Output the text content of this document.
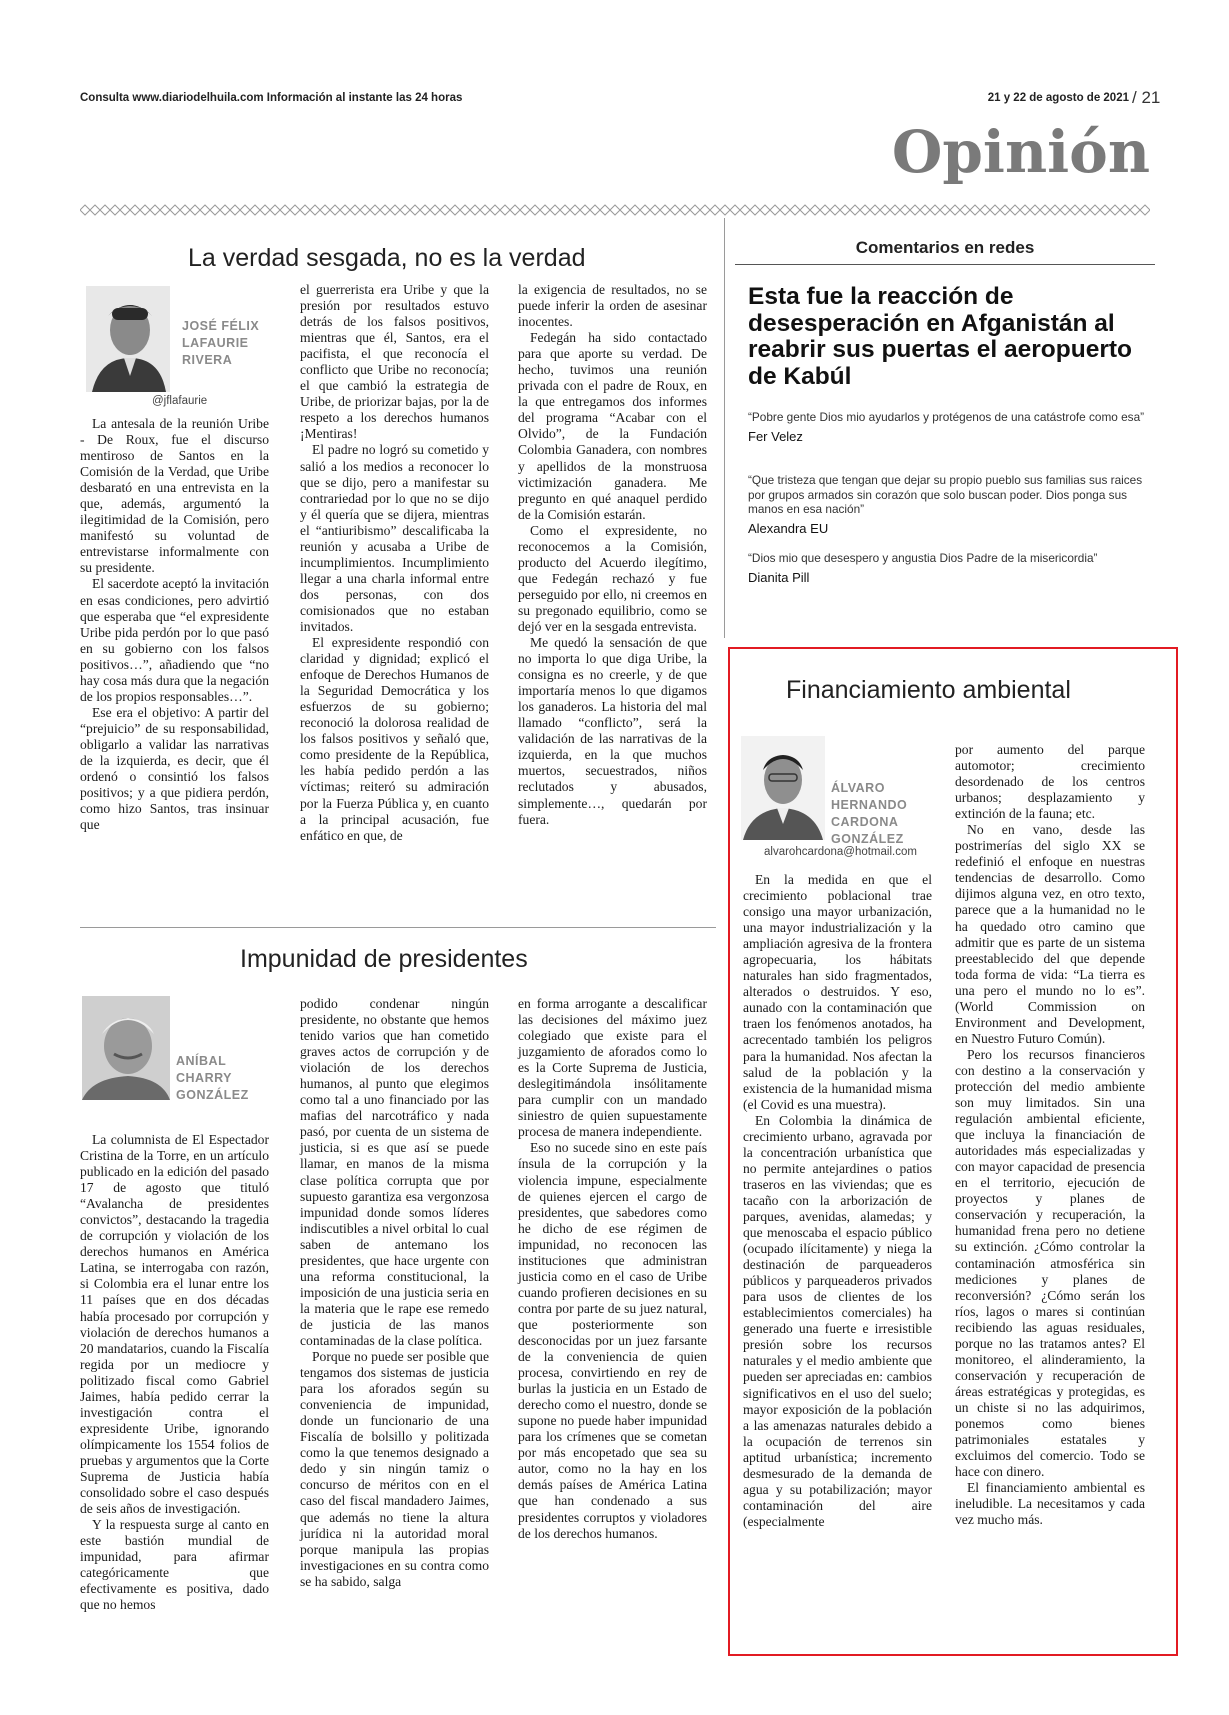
Consulta www.diariodelhuila.com Información al instante las 24 horas	21 y 22 de agosto de 2021 / 21
Opinión
La verdad sesgada, no es la verdad
JOSÉ FÉLIX
LAFAURIE
RIVERA
@jflafaurie

La antesala de la reunión Uribe - De Roux, fue el discurso mentiroso de Santos en la Comisión de la Verdad, que Uribe desbarató en una entrevista en la que, además, argumentó la ilegitimidad de la Comisión, pero manifestó su voluntad de entrevistarse informalmente con su presidente.

El sacerdote aceptó la invitación en esas condiciones, pero advirtió que esperaba que “el expresidente Uribe pida perdón por lo que pasó en su gobierno con los falsos positivos…”, añadiendo que “no hay cosa más dura que la negación de los propios responsables…”.

Ese era el objetivo: A partir del “prejuicio” de su responsabilidad, obligarlo a validar las narrativas de la izquierda, es decir, que él ordenó o consintió los falsos positivos; y a que pidiera perdón, como hizo Santos, tras insinuar que

el guerrerista era Uribe y que la presión por resultados estuvo detrás de los falsos positivos, mientras que él, Santos, era el pacifista, el que reconocía el conflicto que Uribe no reconocía; el que cambió la estrategia de Uribe, de priorizar bajas, por la de respeto a los derechos humanos ¡Mentiras!

El padre no logró su cometido y salió a los medios a reconocer lo que se dijo, pero a manifestar su contrariedad por lo que no se dijo y él quería que se dijera, mientras el “antiuribismo” descalificaba la reunión y acusaba a Uribe de incumplimientos. Incumplimiento llegar a una charla informal entre dos personas, con dos comisionados que no estaban invitados.

El expresidente respondió con claridad y dignidad; explicó el enfoque de Derechos Humanos de la Seguridad Democrática y los esfuerzos de su gobierno; reconoció la dolorosa realidad de los falsos positivos y señaló que, como presidente de la República, les había pedido perdón a las víctimas; reiteró su admiración por la Fuerza Pública y, en cuanto a la principal acusación, fue enfático en que, de

la exigencia de resultados, no se puede inferir la orden de asesinar inocentes.

Fedegán ha sido contactado para que aporte su verdad. De hecho, tuvimos una reunión privada con el padre de Roux, en la que entregamos dos informes del programa “Acabar con el Olvido”, de la Fundación Colombia Ganadera, con nombres y apellidos de la monstruosa victimización ganadera. Me pregunto en qué anaquel perdido de la Comisión estarán.

Como el expresidente, no reconocemos a la Comisión, producto del Acuerdo ilegítimo, que Fedegán rechazó y fue perseguido por ello, ni creemos en su pregonado equilibrio, como se dejó ver en la sesgada entrevista.

Me quedó la sensación de que no importa lo que diga Uribe, la consigna es no creerle, y de que importaría menos lo que digamos los ganaderos. La historia del mal llamado “conflicto”, será la validación de las narrativas de la izquierda, en la que muchos muertos, secuestrados, niños reclutados y abusados, simplemente…, quedarán por fuera.

Impunidad de presidentes
ANÍBAL
CHARRY
GONZÁLEZ

La columnista de El Espectador Cristina de la Torre, en un artículo publicado en la edición del pasado 17 de agosto que tituló “Avalancha de presidentes convictos”, destacando la tragedia de corrupción y violación de los derechos humanos en América Latina, se interrogaba con razón, si Colombia era el lunar entre los 11 países que en dos décadas había procesado por corrupción y violación de derechos humanos a 20 mandatarios, cuando la Fiscalía regida por un mediocre y politizado fiscal como Gabriel Jaimes, había pedido cerrar la investigación contra el expresidente Uribe, ignorando olímpicamente los 1554 folios de pruebas y argumentos que la Corte Suprema de Justicia había consolidado sobre el caso después de seis años de investigación.

Y la respuesta surge al canto en este bastión mundial de impunidad, para afirmar categóricamente que efectivamente es positiva, dado que no hemos

podido condenar ningún presidente, no obstante que hemos tenido varios que han cometido graves actos de corrupción y de violación de los derechos humanos, al punto que elegimos como tal a uno financiado por las mafias del narcotráfico y nada pasó, por cuenta de un sistema de justicia, si es que así se puede llamar, en manos de la misma clase política corrupta que por supuesto garantiza esa vergonzosa impunidad donde somos líderes indiscutibles a nivel orbital lo cual saben de antemano los presidentes, que hace urgente con una reforma constitucional, la imposición de una justicia seria en la materia que le rape ese remedo de justicia de las manos contaminadas de la clase política.

Porque no puede ser posible que tengamos dos sistemas de justicia para los aforados según su conveniencia de impunidad, donde un funcionario de una Fiscalía de bolsillo y politizada como la que tenemos designado a dedo y sin ningún tamiz o concurso de méritos con en el caso del fiscal mandadero Jaimes, que además no tiene la altura jurídica ni la autoridad moral porque manipula las propias investigaciones en su contra como se ha sabido, salga

en forma arrogante a descalificar las decisiones del máximo juez colegiado que existe para el juzgamiento de aforados como lo es la Corte Suprema de Justicia, deslegitimándola insólitamente para cumplir con un mandado siniestro de quien supuestamente procesa de manera independiente.

Eso no sucede sino en este país ínsula de la corrupción y la violencia impune, especialmente de quienes ejercen el cargo de presidentes, que sabedores como he dicho de ese régimen de impunidad, no reconocen las instituciones que administran justicia como en el caso de Uribe cuando profieren decisiones en su contra por parte de su juez natural, que posteriormente son desconocidas por un juez farsante de la conveniencia de quien procesa, convirtiendo en rey de burlas la justicia en un Estado de derecho como el nuestro, donde se supone no puede haber impunidad para los crímenes que se cometan por más encopetado que sea su autor, como no la hay en los demás países de América Latina que han condenado a sus presidentes corruptos y violadores de los derechos humanos.

Comentarios en redes
Esta fue la reacción de desesperación en Afganistán al reabrir sus puertas el aeropuerto de Kabúl
“Pobre gente Dios mio ayudarlos y protégenos de una catástrofe como esa”
Fer Velez
“Que tristeza que tengan que dejar su propio pueblo sus familias sus raices por grupos armados sin corazón que solo buscan poder. Dios ponga sus manos en esa nación”
Alexandra EU
“Dios mio que desespero y angustia Dios Padre de la misericordia”
Dianita Pill
Financiamiento ambiental
ÁLVARO
HERNANDO
CARDONA
GONZÁLEZ
alvarohcardona@hotmail.com

En la medida en que el crecimiento poblacional trae consigo una mayor urbanización, una mayor industrialización y la ampliación agresiva de la frontera agropecuaria, los hábitats naturales han sido fragmentados, alterados o destruidos. Y eso, aunado con la contaminación que traen los fenómenos anotados, ha acrecentado también los peligros para la humanidad. Nos afectan la salud de la población y la existencia de la humanidad misma (el Covid es una muestra).

En Colombia la dinámica de crecimiento urbano, agravada por la concentración urbanística que no permite antejardines o patios traseros en las viviendas; que es tacaño con la arborización de parques, avenidas, alamedas; y que menoscaba el espacio público (ocupado ilícitamente) y niega la destinación de parqueaderos públicos y parqueaderos privados para usos de clientes de los establecimientos comerciales) ha generado una fuerte e irresistible presión sobre los recursos naturales y el medio ambiente que pueden ser apreciadas en: cambios significativos en el uso del suelo; mayor exposición de la población a las amenazas naturales debido a la ocupación de terrenos sin aptitud urbanística; incremento desmesurado de la demanda de agua y su potabilización; mayor contaminación del aire (especialmente

por aumento del parque automotor; crecimiento desordenado de los centros urbanos; desplazamiento y extinción de la fauna; etc.

No en vano, desde las postrimerías del siglo XX se redefinió el enfoque en nuestras tendencias de desarrollo. Como dijimos alguna vez, en otro texto, parece que a la humanidad no le ha quedado otro camino que admitir que es parte de un sistema preestablecido del que depende toda forma de vida: “La tierra es una pero el mundo no lo es”. (World Commission on Environment and Development, en Nuestro Futuro Común).

Pero los recursos financieros con destino a la conservación y protección del medio ambiente son muy limitados. Sin una regulación ambiental eficiente, que incluya la financiación de autoridades más especializadas y con mayor capacidad de presencia en el territorio, ejecución de proyectos y planes de conservación y recuperación, la humanidad frena pero no detiene su extinción. ¿Cómo controlar la contaminación atmosférica sin mediciones y planes de reconversión? ¿Cómo serán los ríos, lagos o mares si continúan recibiendo las aguas residuales, porque no las tratamos antes? El monitoreo, el alinderamiento, la conservación y recuperación de áreas estratégicas y protegidas, es un chiste si no las adquirimos, ponemos como bienes patrimoniales estatales y excluimos del comercio. Todo se hace con dinero.

El financiamiento ambiental es ineludible. La necesitamos y cada vez mucho más.
